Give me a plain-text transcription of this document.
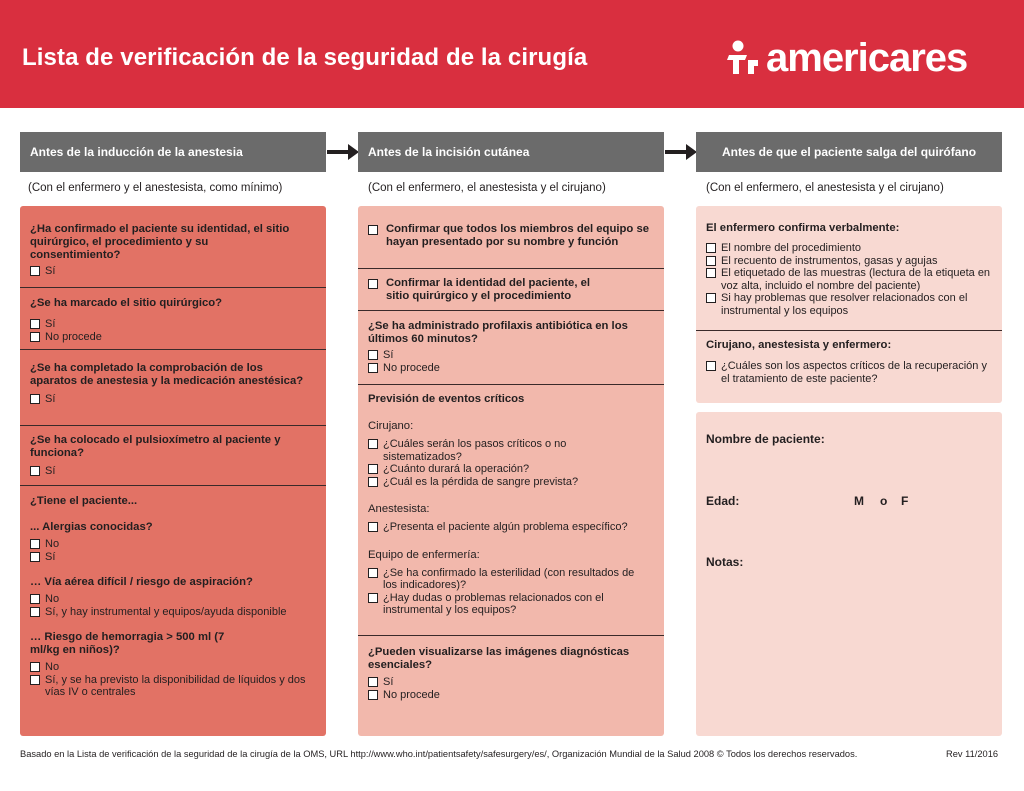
Lista de verificación de la seguridad de la cirugía	americares
Antes de la inducción de la anestesia	Antes de la incisión cutánea	Antes de que el paciente salga del quirófano
(Con el enfermero y el anestesista, como mínimo)	(Con el enfermero, el anestesista y el cirujano)	(Con el enfermero, el anestesista y el cirujano)
¿Ha confirmado el paciente su identidad, el sitio quirúrgico, el procedimiento y su consentimiento?
Sí
¿Se ha marcado el sitio quirúrgico?
Sí
No procede
¿Se ha completado la comprobación de los aparatos de anestesia y la medicación anestésica?
Sí
¿Se ha colocado el pulsioxímetro al paciente y funciona?
Sí
¿Tiene el paciente...
... Alergias conocidas?
No
Sí
… Vía aérea difícil / riesgo de aspiración?
No
Sí, y hay instrumental y equipos/ayuda disponible
… Riesgo de hemorragia > 500 ml (7 ml/kg en niños)?
No
Sí, y se ha previsto la disponibilidad de líquidos y dos vías IV o centrales
Confirmar que todos los miembros del equipo se hayan presentado por su nombre y función
Confirmar la identidad del paciente, el sitio quirúrgico y el procedimiento
¿Se ha administrado profilaxis antibiótica en los últimos 60 minutos?
Sí
No procede
Previsión de eventos críticos
Cirujano:
¿Cuáles serán los pasos críticos o no sistematizados?
¿Cuánto durará la operación?
¿Cuál es la pérdida de sangre prevista?
Anestesista:
¿Presenta el paciente algún problema específico?
Equipo de enfermería:
¿Se ha confirmado la esterilidad (con resultados de los indicadores)?
¿Hay dudas o problemas relacionados con el instrumental y los equipos?
¿Pueden visualizarse las imágenes diagnósticas esenciales?
Sí
No procede
El enfermero confirma verbalmente:
El nombre del procedimiento
El recuento de instrumentos, gasas y agujas
El etiquetado de las muestras (lectura de la etiqueta en voz alta, incluido el nombre del paciente)
Si hay problemas que resolver relacionados con el instrumental y los equipos
Cirujano, anestesista y enfermero:
¿Cuáles son los aspectos críticos de la recuperación y el tratamiento de este paciente?
Nombre de paciente:
Edad:	M o F
Notas:
Basado en la Lista de verificación de la seguridad de la cirugía de la OMS, URL http://www.who.int/patientsafety/safesurgery/es/, Organización Mundial de la Salud 2008 © Todos los derechos reservados.	Rev 11/2016
